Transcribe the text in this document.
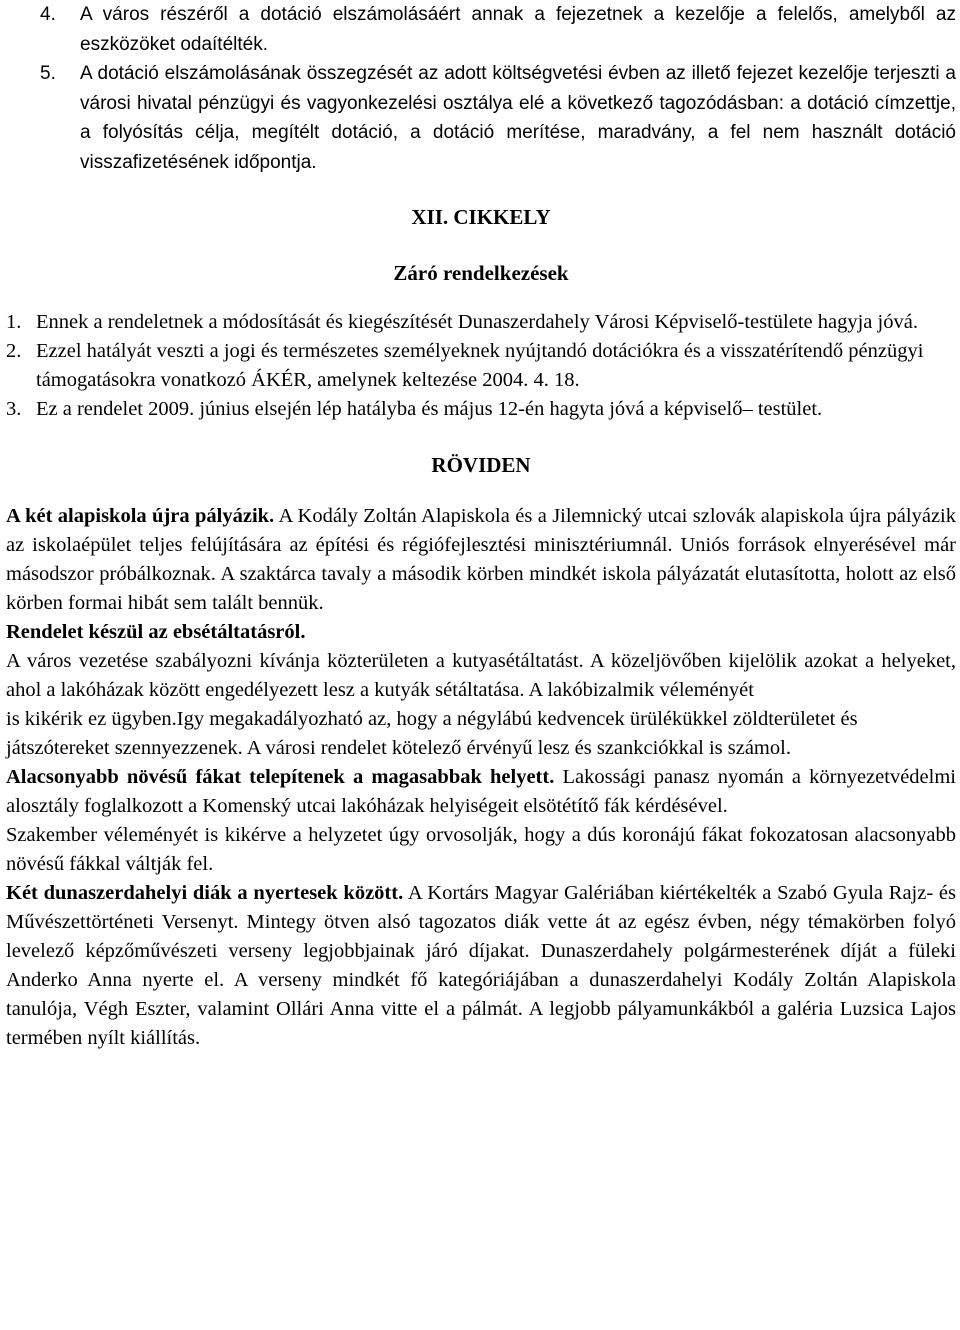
4.	A város részéről a dotáció elszámolásáért annak a fejezetnek a kezelője a felelős, amelyből az eszközöket odaítélték.
5.	A dotáció elszámolásának összegzését az adott költségvetési évben az illető fejezet kezelője terjeszti a városi hivatal pénzügyi és vagyonkezelési osztálya elé a következő tagozódásban: a dotáció címzettje, a folyósítás célja, megítélt dotáció, a dotáció merítése, maradvány, a fel nem használt dotáció visszafizetésének időpontja.
XII. CIKKELY
Záró rendelkezések
1. Ennek a rendeletnek a módosítását és kiegészítését Dunaszerdahely Városi Képviselő-testülete hagyja jóvá.
2. Ezzel hatályát veszti a jogi és természetes személyeknek nyújtandó dotációkra és a visszatérítendő pénzügyi támogatásokra vonatkozó ÁKÉR, amelynek keltezése 2004. 4. 18.
3. Ez a rendelet 2009. június elsején lép hatályba és május 12-én hagyta jóvá a képviselő– testület.
RÖVIDEN

A két alapiskola újra pályázik. A Kodály Zoltán Alapiskola és a Jilemnický utcai szlovák alapiskola újra pályázik az iskolaépület teljes felújítására az építési és régiófejlesztési minisztériumnál. Uniós források elnyerésével már másodszor próbálkoznak. A szaktárca tavaly a második körben mindkét iskola pályázatát elutasította, holott az első körben formai hibát sem talált bennük.

Rendelet készül az ebsétáltatásról.

A város vezetése szabályozni kívánja közterületen a kutyasétáltatást. A közeljövőben kijelölik azokat a helyeket, ahol a lakóházak között engedélyezett lesz a kutyák sétáltatása. A lakóbizalmik véleményét

is kikérik ez ügyben.Igy megakadályozható az, hogy a négylábú kedvencek ürülékükkel zöldterületet és

játszótereket szennyezzenek. A városi rendelet kötelező érvényű lesz és szankciókkal is számol.

Alacsonyabb növésű fákat telepítenek a magasabbak helyett. Lakossági panasz nyomán a környezetvédelmi alosztály foglalkozott a Komenský utcai lakóházak helyiségeit elsötétítő fák kérdésével.

Szakember véleményét is kikérve a helyzetet úgy orvosolják, hogy a dús koronájú fákat fokozatosan alacsonyabb növésű fákkal váltják fel.

Két dunaszerdahelyi diák a nyertesek között. A Kortárs Magyar Galériában kiértékelték a Szabó Gyula Rajz- és Művészettörténeti Versenyt. Mintegy ötven alsó tagozatos diák vette át az egész évben, négy témakörben folyó levelező képzőművészeti verseny legjobbjainak járó díjakat. Dunaszerdahely polgármesterének díját a füleki Anderko Anna nyerte el. A verseny mindkét fő kategóriájában a dunaszerdahelyi Kodály Zoltán Alapiskola tanulója, Végh Eszter, valamint Ollári Anna vitte el a pálmát. A legjobb pályamunkákból a galéria Luzsica Lajos termében nyílt kiállítás.
